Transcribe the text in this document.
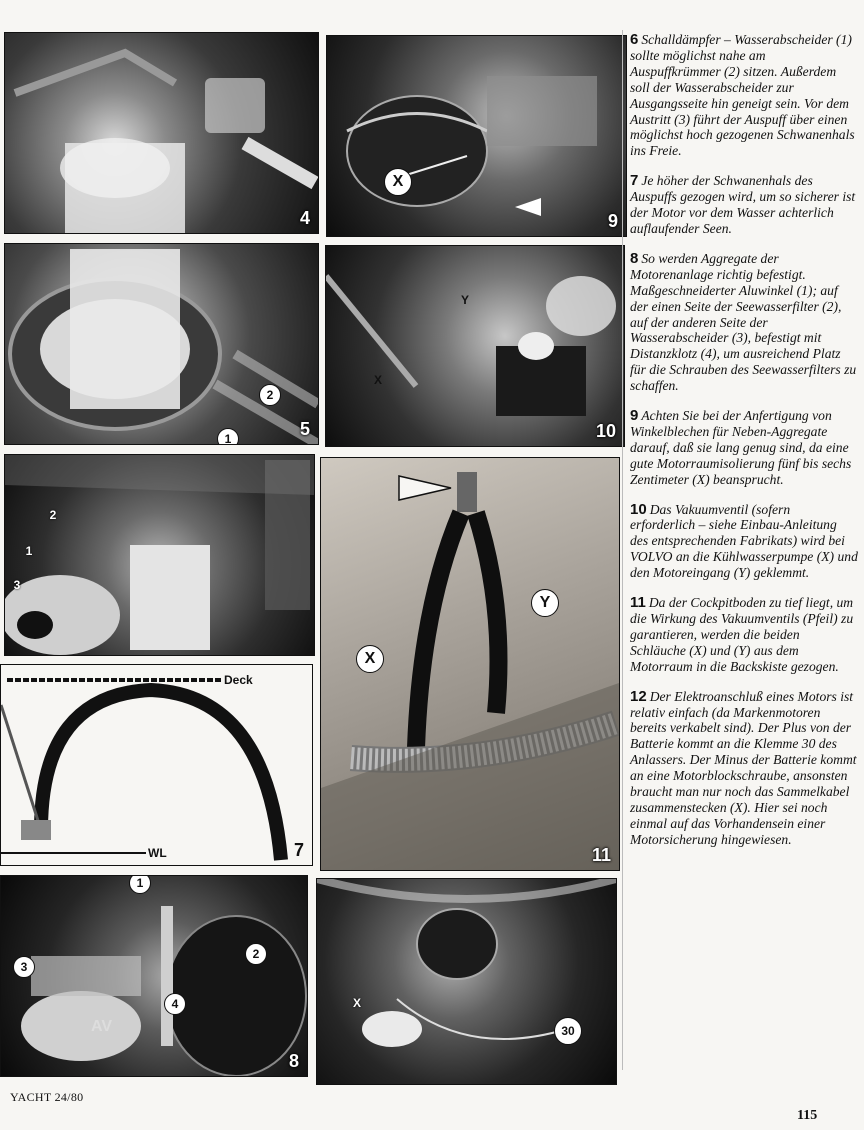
4
X
9
2
1	5
Y
X
10
2
1
3
Y
X
11
Deck
WL	7
1
2
3
4
AV
8
X
30

6 Schalldämpfer – Wasserabscheider (1) sollte möglichst nahe am Auspuffkrümmer (2) sitzen. Außerdem soll der Wasserabscheider zur Ausgangsseite hin geneigt sein. Vor dem Austritt (3) führt der Auspuff über einen möglichst hoch gezogenen Schwanenhals ins Freie.

7 Je höher der Schwanenhals des Auspuffs gezogen wird, um so sicherer ist der Motor vor dem Wasser achterlich auflaufender Seen.

8 So werden Aggregate der Motorenanlage richtig befestigt. Maßgeschneiderter Aluwinkel (1); auf der einen Seite der Seewasserfilter (2), auf der anderen Seite der Wasserabscheider (3), befestigt mit Distanzklotz (4), um ausreichend Platz für die Schrauben des Seewasserfilters zu schaffen.

9 Achten Sie bei der Anfertigung von Winkelblechen für Neben-Aggregate darauf, daß sie lang genug sind, da eine gute Motorraumisolierung fünf bis sechs Zentimeter (X) beansprucht.

10 Das Vakuumventil (sofern erforderlich – siehe Einbau-Anleitung des entsprechenden Fabrikats) wird bei VOLVO an die Kühlwasserpumpe (X) und den Motoreingang (Y) geklemmt.

11 Da der Cockpitboden zu tief liegt, um die Wirkung des Vakuumventils (Pfeil) zu garantieren, werden die beiden Schläuche (X) und (Y) aus dem Motorraum in die Backskiste gezogen.

12 Der Elektroanschluß eines Motors ist relativ einfach (da Markenmotoren bereits verkabelt sind). Der Plus von der Batterie kommt an die Klemme 30 des Anlassers. Der Minus der Batterie kommt an eine Motorblockschraube, ansonsten braucht man nur noch das Sammelkabel zusammenstecken (X). Hier sei noch einmal auf das Vorhandensein einer Motorsicherung hingewiesen.

YACHT 24/80
115
